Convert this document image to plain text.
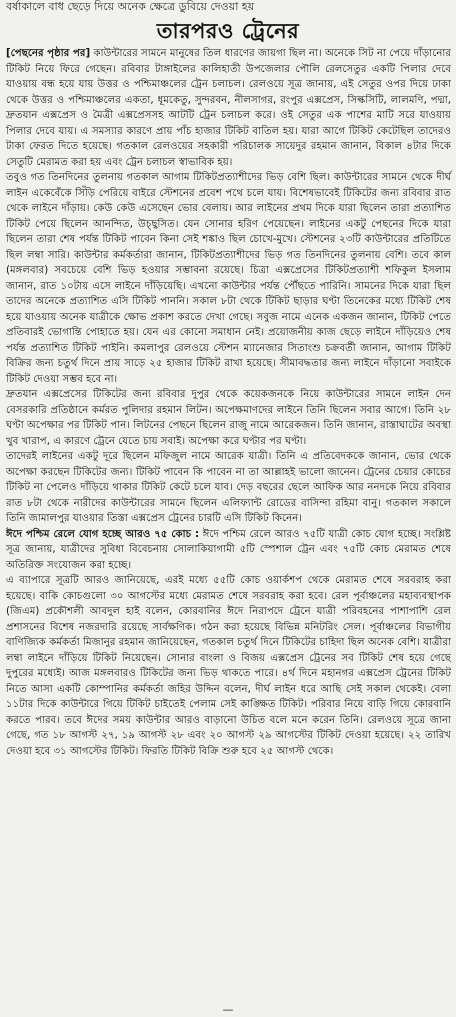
বৰ্ষাকালে বাধ ছেড়ে দিয়ে অনেক ক্ষেত্রে ডুবিয়ে দেওয়া হয়
তারপরও ট্রেনের

[পেছনের পৃষ্ঠার পর] কাউন্টারের সামনে মানুষের তিল ধারণের জায়গা ছিল না। অনেকে সিট না পেয়ে দাঁড়ানোর টিকিট নিয়ে ফিরে গেছেন। রবিবার টাঙ্গাইলের কালিহাতী উপজেলার পৌলি রেলসেতুর একটি পিলার দেবে যাওয়ায় বন্ধ হয়ে যায় উত্তর ও পশ্চিমাঞ্চলের ট্রেন চলাচল। রেলওয়ে সূত্র জানায়, এই সেতুর ওপর দিয়ে ঢাকা থেকে উত্তর ও পশ্চিমাঞ্চলের একতা, ধূমকেতু, সুন্দরবন, নীলসাগর, রংপুর এক্সপ্রেস, সিল্কসিটি, লালমণি, পদ্মা, দ্রুতযান এক্সপ্রেস ও মৈত্রী এক্সপ্রেসসহ আটটি ট্রেন চলাচল করে। ওই সেতুর এক পাশের মাটি সরে যাওয়ায় পিলার দেবে যায়। এ সমস্যার কারণে প্রায় পাঁচ হাজার টিকিট বাতিল হয়। যারা আগে টিকিট কেটেছিল তাদেরও টাকা ফেরত দিতে হয়েছে। গতকাল রেলওয়ের সহকারী পরিচালক সায়েদুর রহমান জানান, বিকাল ৪টার দিকে সেতুটি মেরামত করা হয় এবং ট্রেন চলাচল স্বাভাবিক হয়।

তবুও গত তিনদিনের তুলনায় গতকাল আগাম টিকিটপ্রত্যাশীদের ভিড় বেশি ছিল। কাউন্টারের সামনে থেকে দীর্ঘ লাইন একেবেঁকে সিঁড়ি পেরিয়ে বাইরে স্টেশনের প্রবেশ পথে চলে যায়। বিশেষভাবেই টিকিটের জন্য রবিবার রাত থেকে লাইনে দাঁড়ায়। কেউ কেউ এসেছেন ভোর বেলায়। আর লাইনের প্রথম দিকে যারা ছিলেন তারা প্রত্যাশিত টিকিট পেয়ে ছিলেন আনন্দিত, উচ্ছ্বসিত। যেন সোনার হরিণ পেয়েছেন। লাইনের একটু পেছনের দিকে যারা ছিলেন তারা শেষ পর্যন্ত টিকিট পাবেন কিনা সেই শঙ্কাও ছিল চোখে-মুখে। স্টেশনের ২৩টি কাউন্টারের প্রতিটিতে ছিল লম্বা সারি। কাউন্টার কর্মকর্তারা জানান, টিকিটপ্রত্যাশীদের ভিড় গত তিনদিনের তুলনায় বেশি। তবে কাল (মঙ্গলবার) সবচেয়ে বেশি ভিড় হওয়ার সম্ভাবনা রয়েছে। চিত্রা এক্সপ্রেসের টিকিটপ্রত্যাশী শফিকুল ইসলাম জানান, রাত ১০টায় এসে লাইনে দাঁড়িয়েছি। এখনো কাউন্টার পর্যন্ত পৌঁছতে পারিনি। সামনের দিকে যারা ছিল তাদের অনেকে প্রত্যাশিত এসি টিকিট পাননি। সকাল ৮টা থেকে টিকিট ছাড়ার ঘণ্টা তিনেকের মধ্যে টিকিট শেষ হয়ে যাওয়ায় অনেক যাত্রীকে ক্ষোভ প্রকাশ করতে দেখা গেছে। সবুজ নামে এনেক একজন জানান, টিকিট পেতে প্রতিবারই ভোগান্তি পোহাতে হয়। যেন এর কোনো সমাধান নেই। প্রয়োজনীয় কাজ ছেড়ে লাইনে দাঁড়িয়েও শেষ পর্যন্ত প্রত্যাশিত টিকিট পাইনি। কমলাপুর রেলওয়ে স্টেশন ম্যানেজার সিতাংশু চক্রবর্তী জানান, আগাম টিকিট বিক্রির জন্য চতুর্থ দিনে প্রায় সাড়ে ২৫ হাজার টিকিট রাখা হয়েছে। সীমাবদ্ধতার জন্য লাইনে দাঁড়ানো সবাইকে টিকিট দেওয়া সম্ভব হবে না।

দ্রুতযান এক্সপ্রেসের টিকিটের জন্য রবিবার দুপুর থেকে কয়েকজনকে নিয়ে কাউন্টারের সামনে লাইন দেন বেসরকারি প্রতিষ্ঠানে কর্মরত পুলিদার রহমান লিটন। অপেক্ষমাণদের লাইনে তিনি ছিলেন সবার আগে। তিনি ২৮ ঘণ্টা অপেক্ষার পর টিকিট পান। লিটনের পেছনে ছিলেন রাজু নামে আরেকজন। তিনি জানান, রাস্তাঘাটের অবস্থা খুব খারাপ, এ কারণে ট্রেনে যেতে চায় সবাই। অপেক্ষা করে ঘণ্টার পর ঘণ্টা।

তাদেরই লাইনের একটু দূরে ছিলেন মফিজুল নামে আরেক যাত্রী। তিনি এ প্রতিবেদককে জানান, ভোর থেকে অপেক্ষা করছেন টিকিটের জন্য। টিকিট পাবেন কি পাবেন না তা আল্লাহই ভালো জানেন। ট্রেনের চেয়ার কোচের টিকিট না পেলেও দাঁড়িয়ে থাকার টিকিট কেটে চলে যাব। দেড় বছরের ছেলে আফিক আর ননদকে নিয়ে রবিবার রাত ৮টা থেকে নারীদের কাউন্টারের সামনে ছিলেন এলিফ্যান্ট রোডের বাসিন্দা রহিমা বানু। গতকাল সকালে তিনি জামালপুর যাওয়ার তিস্তা এক্সপ্রেস ট্রেনের চারটি এসি টিকিট কিনেন।

ঈদে পশ্চিম রেলে যোগ হচ্ছে আরও ৭৫ কোচ : ঈদে পশ্চিম রেলে আরও ৭৫টি যাত্রী কোচ যোগ হচ্ছে। সংশ্লিষ্ট সূত্র জানায়, যাত্রীদের সুবিধা বিবেচনায় সোলাকিয়াগামী ৫টি স্পেশাল ট্রেন এবং ৭৫টি কোচ মেরামত শেষে অতিরিক্ত সংযোজন করা হচ্ছে।

এ ব্যাপারে সূত্রটি আরও জানিয়েছে, এরই মধ্যে ৫৫টি কোচ ওয়ার্কশপ থেকে মেরামত শেষে সরবরাহ করা হয়েছে। বাকি কোচগুলো ৩০ আগস্টের মধ্যে মেরামত শেষে সরবরাহ করা হবে। রেল পূর্বাঞ্চলের মহাব্যবস্থাপক (জিএম) প্রকৌশলী আবদুল হাই বলেন, কোরবানির ঈদে নিরাপদে ট্রেনে যাত্রী পরিবহনের পাশাপাশি রেল প্রশাসনের বিশেষ নজরদারি রয়েছে সার্বক্ষণিক। গঠন করা হয়েছে বিভিন্ন মনিটরিং সেল। পূর্বাঞ্চলের বিভাগীয় বাণিজ্যিক কর্মকর্তা মিজানুর রহমান জানিয়েছেন, গতকাল চতুর্থ দিনে টিকিটের চাহিদা ছিল অনেক বেশি। যাত্রীরা লম্বা লাইনে দাঁড়িয়ে টিকিট নিয়েছেন। সোনার বাংলা ও বিজয় এক্সপ্রেস ট্রেনের সব টিকিট শেষ হয়ে গেছে দুপুরের মধ্যেই। আজ মঙ্গলবারও টিকিটের জন্য ভিড় থাকতে পারে। ৪র্থ দিনে মহানগর এক্সপ্রেস ট্রেনের টিকিট নিতে আসা একটি কোম্পানির কর্মকর্তা জহির উদ্দিন বলেন, দীর্ঘ লাইন ধরে আছি সেই সকাল থেকেই। বেলা ১১টার দিকে কাউন্টারে গিয়ে টিকিট চাইতেই পেলাম সেই কাঙ্ক্ষিত টিকিট। পরিবার নিয়ে বাড়ি গিয়ে কোরবানি করতে পারব। তবে ঈদের সময় কাউন্টার আরও বাড়ানো উচিত বলে মনে করেন তিনি। রেলওয়ে সূত্রে জানা গেছে, গত ১৮ আগস্ট ২৭, ১৯ আগস্ট ২৮ এবং ২০ আগস্ট ২৯ আগস্টের টিকিট দেওয়া হয়েছে। ২২ তারিখ দেওয়া হবে ৩১ আগস্টের টিকিট। ফিরতি টিকিট বিক্রি শুরু হবে ২৫ আগস্ট থেকে।

—
